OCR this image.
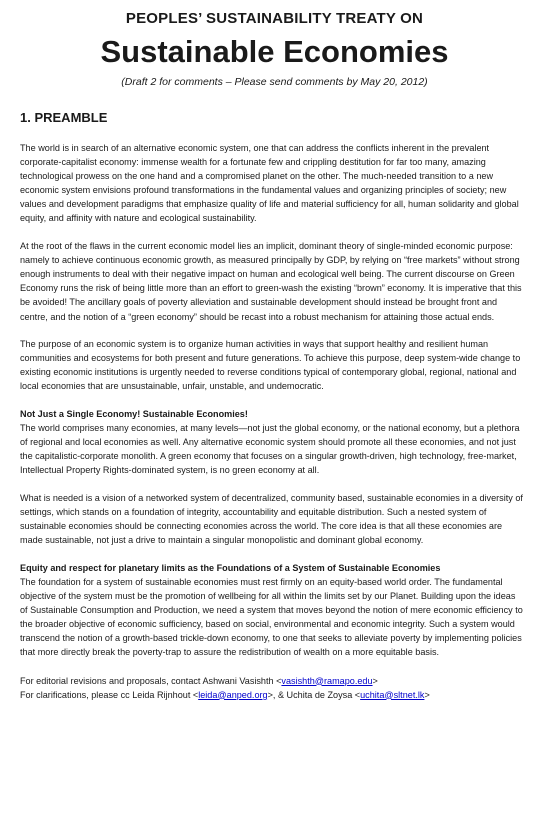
PEOPLES’ SUSTAINABILITY TREATY ON
Sustainable Economies
(Draft 2 for comments – Please send comments by May 20, 2012)
1. PREAMBLE

The world is in search of an alternative economic system, one that can address the conflicts inherent in the prevalent corporate-capitalist economy: immense wealth for a fortunate few and crippling destitution for far too many, amazing technological prowess on the one hand and a compromised planet on the other. The much-needed transition to a new economic system envisions profound transformations in the fundamental values and organizing principles of society; new values and development paradigms that emphasize quality of life and material sufficiency for all, human solidarity and global equity, and affinity with nature and ecological sustainability.

At the root of the flaws in the current economic model lies an implicit, dominant theory of single-minded economic purpose: namely to achieve continuous economic growth, as measured principally by GDP, by relying on “free markets” without strong enough instruments to deal with their negative impact on human and ecological well being. The current discourse on Green Economy runs the risk of being little more than an effort to green-wash the existing “brown” economy. It is imperative that this be avoided! The ancillary goals of poverty alleviation and sustainable development should instead be brought front and centre, and the notion of a “green economy” should be recast into a robust mechanism for attaining those actual ends.

The purpose of an economic system is to organize human activities in ways that support healthy and resilient human communities and ecosystems for both present and future generations. To achieve this purpose, deep system-wide change to existing economic institutions is urgently needed to reverse conditions typical of contemporary global, regional, national and local economies that are unsustainable, unfair, unstable, and undemocratic.

Not Just a Single Economy! Sustainable Economies!
The world comprises many economies, at many levels—not just the global economy, or the national economy, but a plethora of regional and local economies as well. Any alternative economic system should promote all these economies, and not just the capitalistic-corporate monolith. A green economy that focuses on a singular growth-driven, high technology, free-market, Intellectual Property Rights-dominated system, is no green economy at all.

What is needed is a vision of a networked system of decentralized, community based, sustainable economies in a diversity of settings, which stands on a foundation of integrity, accountability and equitable distribution. Such a nested system of sustainable economies should be connecting economies across the world. The core idea is that all these economies are made sustainable, not just a drive to maintain a singular monopolistic and dominant global economy.

Equity and respect for planetary limits as the Foundations of a System of Sustainable Economies
The foundation for a system of sustainable economies must rest firmly on an equity-based world order. The fundamental objective of the system must be the promotion of wellbeing for all within the limits set by our Planet. Building upon the ideas of Sustainable Consumption and Production, we need a system that moves beyond the notion of mere economic efficiency to the broader objective of economic sufficiency, based on social, environmental and economic integrity. Such a system would transcend the notion of a growth-based trickle-down economy, to one that seeks to alleviate poverty by implementing policies that more directly break the poverty-trap to assure the redistribution of wealth on a more equitable basis.

For editorial revisions and proposals, contact Ashwani Vasishth <vasishth@ramapo.edu>
For clarifications, please cc Leida Rijnhout <leida@anped.org>, & Uchita de Zoysa <uchita@sltnet.lk>
